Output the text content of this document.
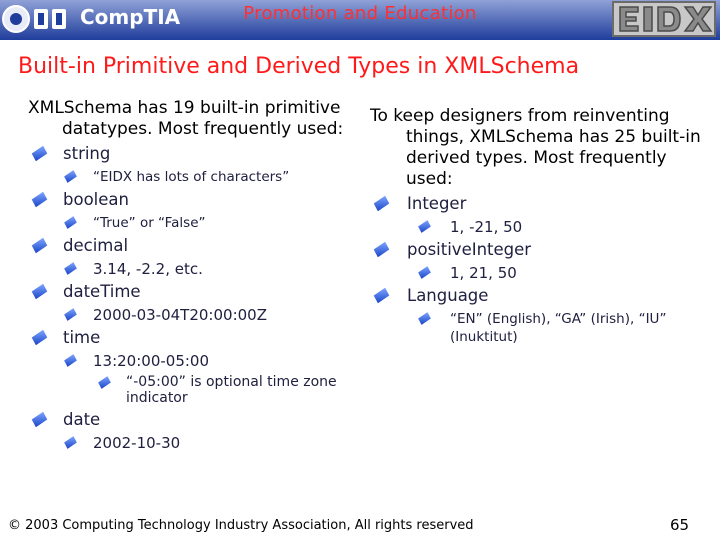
CompTIA	Promotion and Education
Built-in Primitive and Derived Types in XMLSchema
XMLSchema has 19 built-in primitive datatypes. Most frequently used:
string
“EIDX has lots of characters”
boolean
“True” or “False”
decimal
3.14, -2.2, etc.
dateTime
2000-03-04T20:00:00Z
time
13:20:00-05:00
“-05:00” is optional time zone indicator
date
2002-10-30
To keep designers from reinventing things, XMLSchema has 25 built-in derived types. Most frequently used:
Integer
1, -21, 50
positiveInteger
1, 21, 50
Language
“EN” (English), “GA” (Irish), “IU” (Inuktitut)
© 2003 Computing Technology Industry Association, All rights reserved	65
